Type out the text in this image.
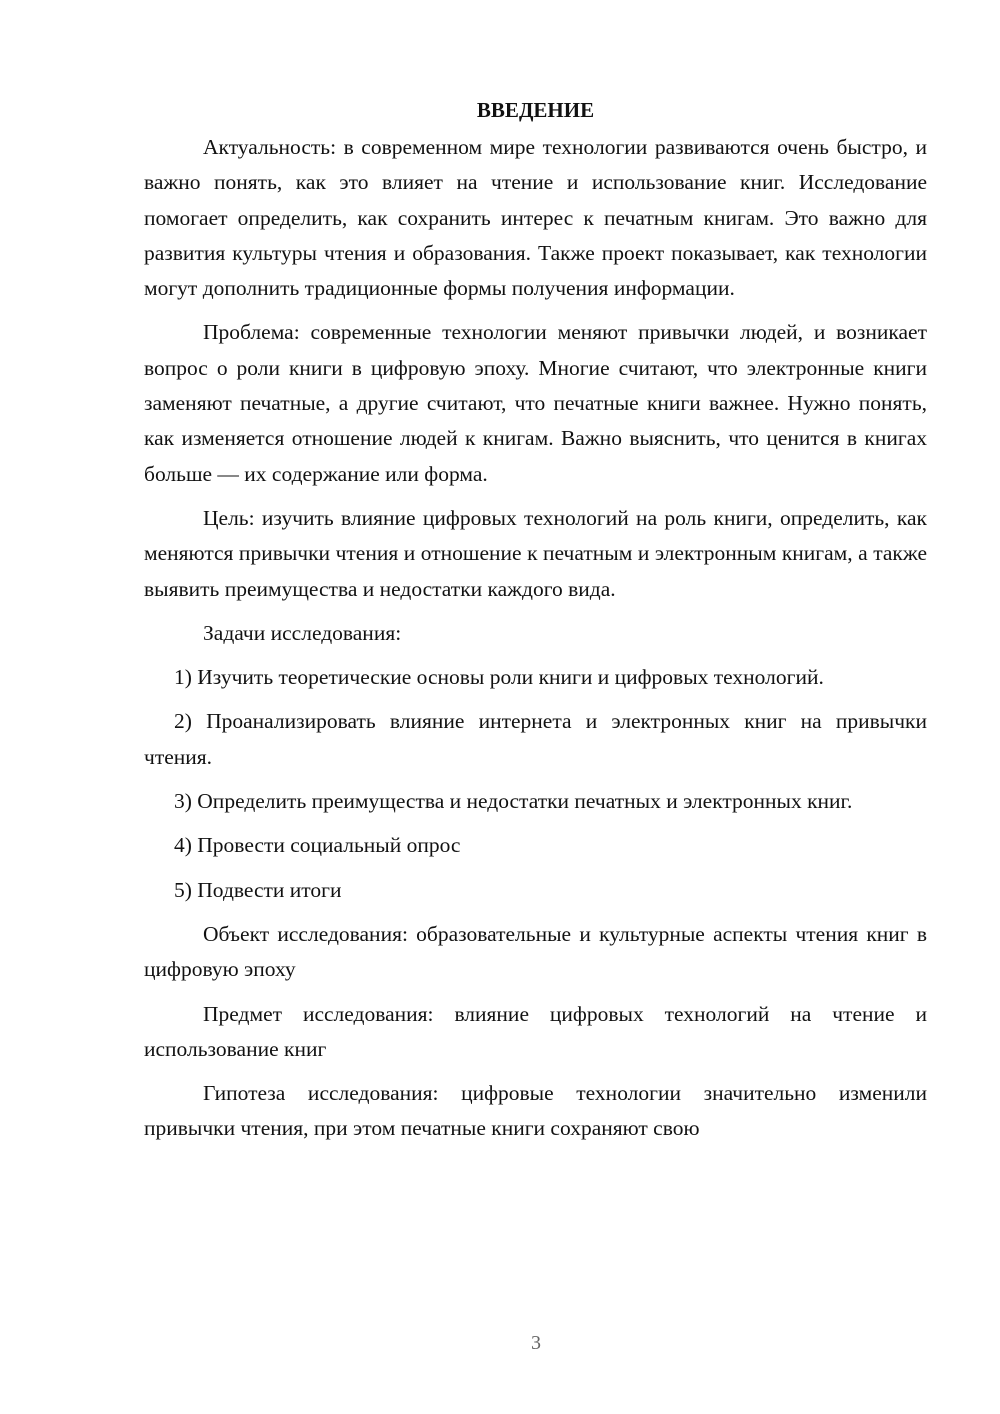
ВВЕДЕНИЕ

Актуальность: в современном мире технологии развиваются очень быстро, и важно понять, как это влияет на чтение и использование книг. Исследование помогает определить, как сохранить интерес к печатным книгам. Это важно для развития культуры чтения и образования. Также проект показывает, как технологии могут дополнить традиционные формы получения информации.

Проблема: современные технологии меняют привычки людей, и возникает вопрос о роли книги в цифровую эпоху. Многие считают, что электронные книги заменяют печатные, а другие считают, что печатные книги важнее. Нужно понять, как изменяется отношение людей к книгам. Важно выяснить, что ценится в книгах больше — их содержание или форма.

Цель: изучить влияние цифровых технологий на роль книги, определить, как меняются привычки чтения и отношение к печатным и электронным книгам, а также выявить преимущества и недостатки каждого вида.

Задачи исследования:

1) Изучить теоретические основы роли книги и цифровых технологий.

2) Проанализировать влияние интернета и электронных книг на привычки чтения.

3) Определить преимущества и недостатки печатных и электронных книг.

4) Провести социальный опрос

5) Подвести итоги

Объект исследования: образовательные и культурные аспекты чтения книг в цифровую эпоху

Предмет исследования: влияние цифровых технологий на чтение и использование книг

Гипотеза исследования: цифровые технологии значительно изменили привычки чтения, при этом печатные книги сохраняют свою

3
